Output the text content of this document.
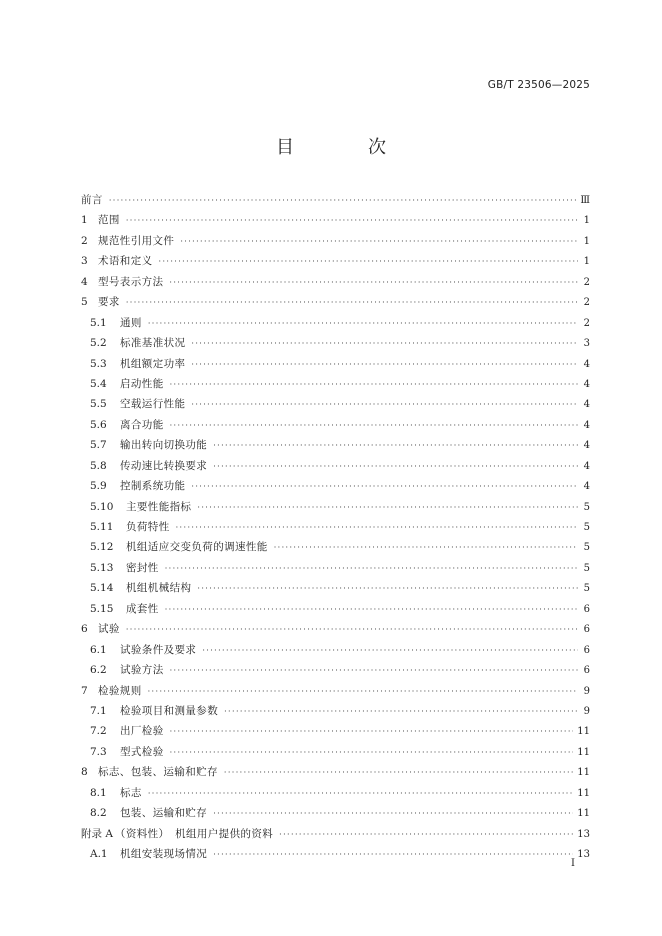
GB/T 23506—2025
目　次
前言 ·····	Ⅲ
1 范围 ·····	1
2 规范性引用文件 ·····	1
3 术语和定义 ·····	1
4 型号表示方法 ·····	2
5 要求 ·····	2
5.1	通则 ·····	2
5.2	标准基准状况 ·····	3
5.3	机组额定功率 ·····	4
5.4	启动性能 ·····	4
5.5	空载运行性能 ·····	4
5.6	离合功能 ·····	4
5.7	输出转向切换功能 ·····	4
5.8	传动速比转换要求 ·····	4
5.9	控制系统功能 ·····	4
5.10	主要性能指标 ·····	5
5.11	负荷特性 ·····	5
5.12	机组适应交变负荷的调速性能 ·····	5
5.13	密封性 ·····	5
5.14	机组机械结构 ·····	5
5.15	成套性 ·····	6
6 试验 ·····	6
6.1	试验条件及要求 ·····	6
6.2	试验方法 ·····	6
7 检验规则 ·····	9
7.1	检验项目和测量参数 ·····	9
7.2	出厂检验 ·····	11
7.3	型式检验 ·····	11
8 标志、包装、运输和贮存 ·····	11
8.1	标志 ·····	11
8.2	包装、运输和贮存 ·····	11
附录 A （资料性）　机组用户提供的资料 ·····	13
A.1	机组安装现场情况 ·····	13
I
